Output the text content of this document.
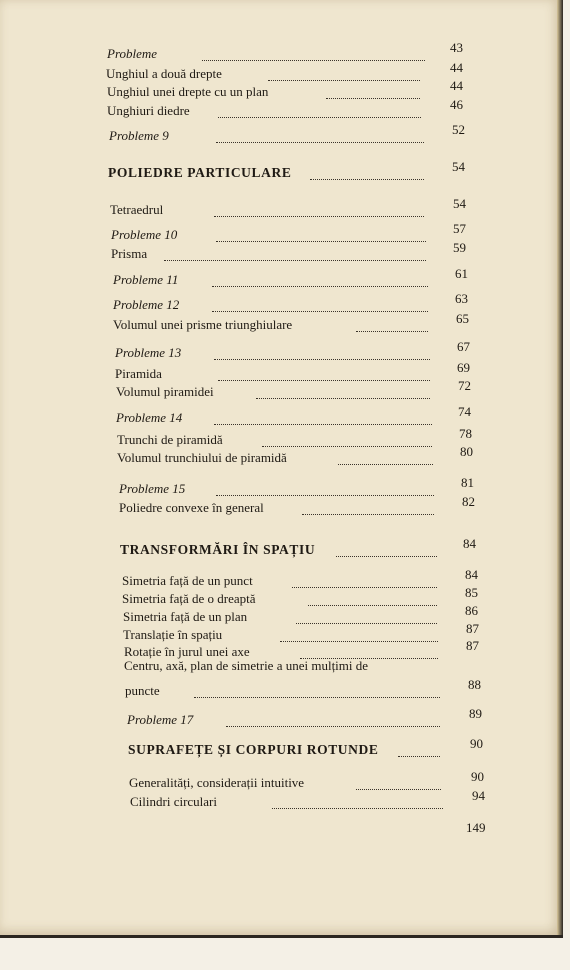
Probleme	43
Unghiul a două drepte	44
Unghiul unei drepte cu un plan	44
Unghiuri diedre	46
Probleme 9	52
POLIEDRE PARTICULARE	54
Tetraedrul	54
Probleme 10	57
Prisma	59
Probleme 11	61
Probleme 12	63
Volumul unei prisme triunghiulare	65
Probleme 13	67
Piramida	69
Volumul piramidei	72
Probleme 14	74
Trunchi de piramidă	78
Volumul trunchiului de piramidă	80
Probleme 15	81
Poliedre convexe în general	82
TRANSFORMĂRI ÎN SPAȚIU	84
Simetria față de un punct	84
Simetria față de o dreaptă	85
Simetria față de un plan	86
Translație în spațiu	87
Rotație în jurul unei axe	87
Centru, axă, plan de simetrie a unei mulțimi de
puncte	88
Probleme 17	89
SUPRAFEȚE ȘI CORPURI ROTUNDE	90
Generalități, considerații intuitive	90
Cilindri circulari	94
149
